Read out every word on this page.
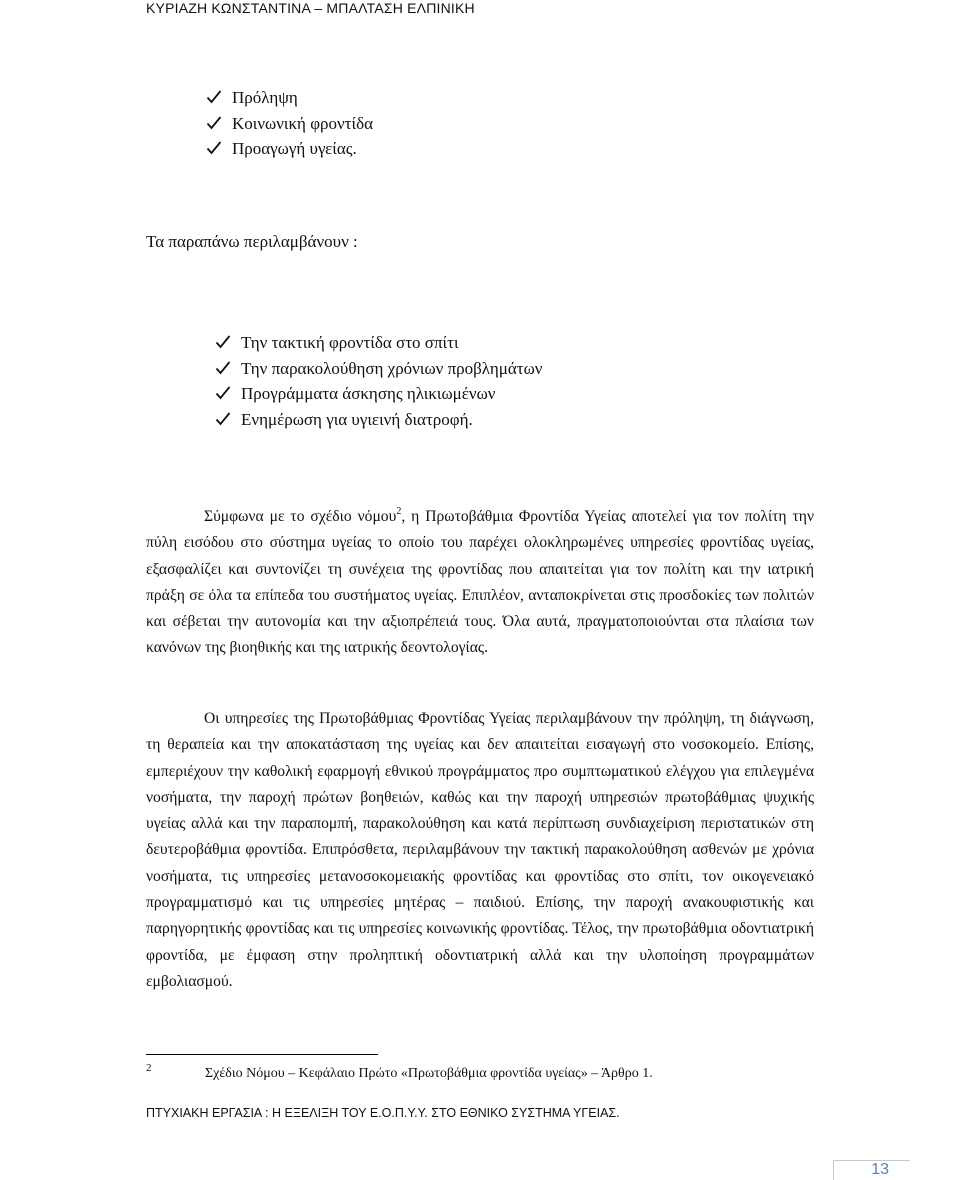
ΚΥΡΙΑΖΗ ΚΩΝΣΤΑΝΤΙΝΑ – ΜΠΑΛΤΑΣΗ ΕΛΠΙΝΙΚΗ
Πρόληψη
Κοινωνική φροντίδα
Προαγωγή υγείας.
Τα παραπάνω περιλαμβάνουν :
Την τακτική φροντίδα στο σπίτι
Την παρακολούθηση χρόνιων προβλημάτων
Προγράμματα άσκησης ηλικιωμένων
Ενημέρωση για υγιεινή διατροφή.

Σύμφωνα με το σχέδιο νόμου$^2$, η Πρωτοβάθμια Φροντίδα Υγείας αποτελεί για τον πολίτη την πύλη εισόδου στο σύστημα υγείας το οποίο του παρέχει ολοκληρωμένες υπηρεσίες φροντίδας υγείας, εξασφαλίζει και συντονίζει τη συνέχεια της φροντίδας που απαιτείται για τον πολίτη και την ιατρική πράξη σε όλα τα επίπεδα του συστήματος υγείας. Επιπλέον, ανταποκρίνεται στις προσδοκίες των πολιτών και σέβεται την αυτονομία και την αξιοπρέπειά τους. Όλα αυτά, πραγματοποιούνται στα πλαίσια των κανόνων της βιοηθικής και της ιατρικής δεοντολογίας.

Οι υπηρεσίες της Πρωτοβάθμιας Φροντίδας Υγείας περιλαμβάνουν την πρόληψη, τη διάγνωση, τη θεραπεία και την αποκατάσταση της υγείας και δεν απαιτείται εισαγωγή στο νοσοκομείο. Επίσης, εμπεριέχουν την καθολική εφαρμογή εθνικού προγράμματος προ συμπτωματικού ελέγχου για επιλεγμένα νοσήματα, την παροχή πρώτων βοηθειών, καθώς και την παροχή υπηρεσιών πρωτοβάθμιας ψυχικής υγείας αλλά και την παραπομπή, παρακολούθηση και κατά περίπτωση συνδιαχείριση περιστατικών στη δευτεροβάθμια φροντίδα. Επιπρόσθετα, περιλαμβάνουν την τακτική παρακολούθηση ασθενών με χρόνια νοσήματα, τις υπηρεσίες μετανοσοκομειακής φροντίδας και φροντίδας στο σπίτι, τον οικογενειακό προγραμματισμό και τις υπηρεσίες μητέρας – παιδιού. Επίσης, την παροχή ανακουφιστικής και παρηγορητικής φροντίδας και τις υπηρεσίες κοινωνικής φροντίδας. Τέλος, την πρωτοβάθμια οδοντιατρική φροντίδα, με έμφαση στην προληπτική οδοντιατρική αλλά και την υλοποίηση προγραμμάτων εμβολιασμού.

2	Σχέδιο Νόμου – Κεφάλαιο Πρώτο «Πρωτοβάθμια φροντίδα υγείας» – Άρθρο 1.
ΠΤΥΧΙΑΚΗ ΕΡΓΑΣΙΑ : Η ΕΞΕΛΙΞΗ ΤΟΥ Ε.Ο.Π.Υ.Υ. ΣΤΟ ΕΘΝΙΚΟ ΣΥΣΤΗΜΑ ΥΓΕΙΑΣ.
13
